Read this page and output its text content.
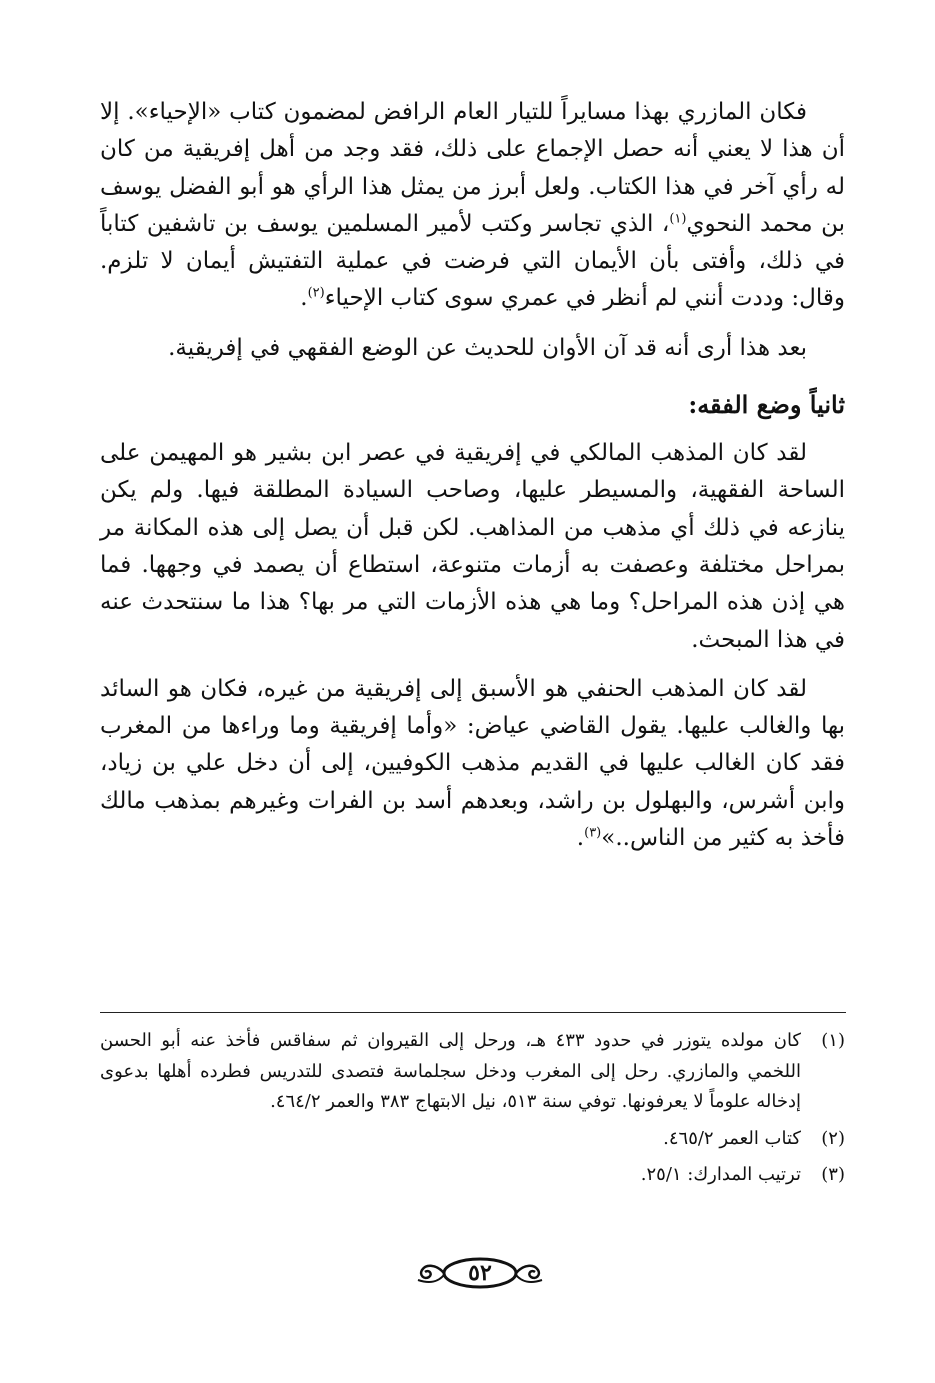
فكان المازري بهذا مسايراً للتيار العام الرافض لمضمون كتاب «الإحياء». إلا أن هذا لا يعني أنه حصل الإجماع على ذلك، فقد وجد من أهل إفريقية من كان له رأي آخر في هذا الكتاب. ولعل أبرز من يمثل هذا الرأي هو أبو الفضل يوسف بن محمد النحوي$^{(١)}$، الذي تجاسر وكتب لأمير المسلمين يوسف بن تاشفين كتاباً في ذلك، وأفتى بأن الأيمان التي فرضت في عملية التفتيش أيمان لا تلزم. وقال: وددت أنني لم أنظر في عمري سوى كتاب الإحياء$^{(٢)}$.

بعد هذا أرى أنه قد آن الأوان للحديث عن الوضع الفقهي في إفريقية.

ثانياً وضع الفقه:

لقد كان المذهب المالكي في إفريقية في عصر ابن بشير هو المهيمن على الساحة الفقهية، والمسيطر عليها، وصاحب السيادة المطلقة فيها. ولم يكن ينازعه في ذلك أي مذهب من المذاهب. لكن قبل أن يصل إلى هذه المكانة مر بمراحل مختلفة وعصفت به أزمات متنوعة، استطاع أن يصمد في وجهها. فما هي إذن هذه المراحل؟ وما هي هذه الأزمات التي مر بها؟ هذا ما سنتحدث عنه في هذا المبحث.

لقد كان المذهب الحنفي هو الأسبق إلى إفريقية من غيره، فكان هو السائد بها والغالب عليها. يقول القاضي عياض: «وأما إفريقية وما وراءها من المغرب فقد كان الغالب عليها في القديم مذهب الكوفيين، إلى أن دخل علي بن زياد، وابن أشرس، والبهلول بن راشد، وبعدهم أسد بن الفرات وغيرهم بمذهب مالك فأخذ به كثير من الناس..»$^{(٣)}$.

(١)
كان مولده يتوزر في حدود ٤٣٣ هـ، ورحل إلى القيروان ثم سفاقس فأخذ عنه أبو الحسن اللخمي والمازري. رحل إلى المغرب ودخل سجلماسة فتصدى للتدريس فطرده أهلها بدعوى إدخاله علوماً لا يعرفونها. توفي سنة ٥١٣، نيل الابتهاج ٣٨٣ والعمر ٤٦٤/٢.
(٢)
كتاب العمر ٤٦٥/٢.
(٣)
ترتيب المدارك: ٢٥/١.
٥٢
